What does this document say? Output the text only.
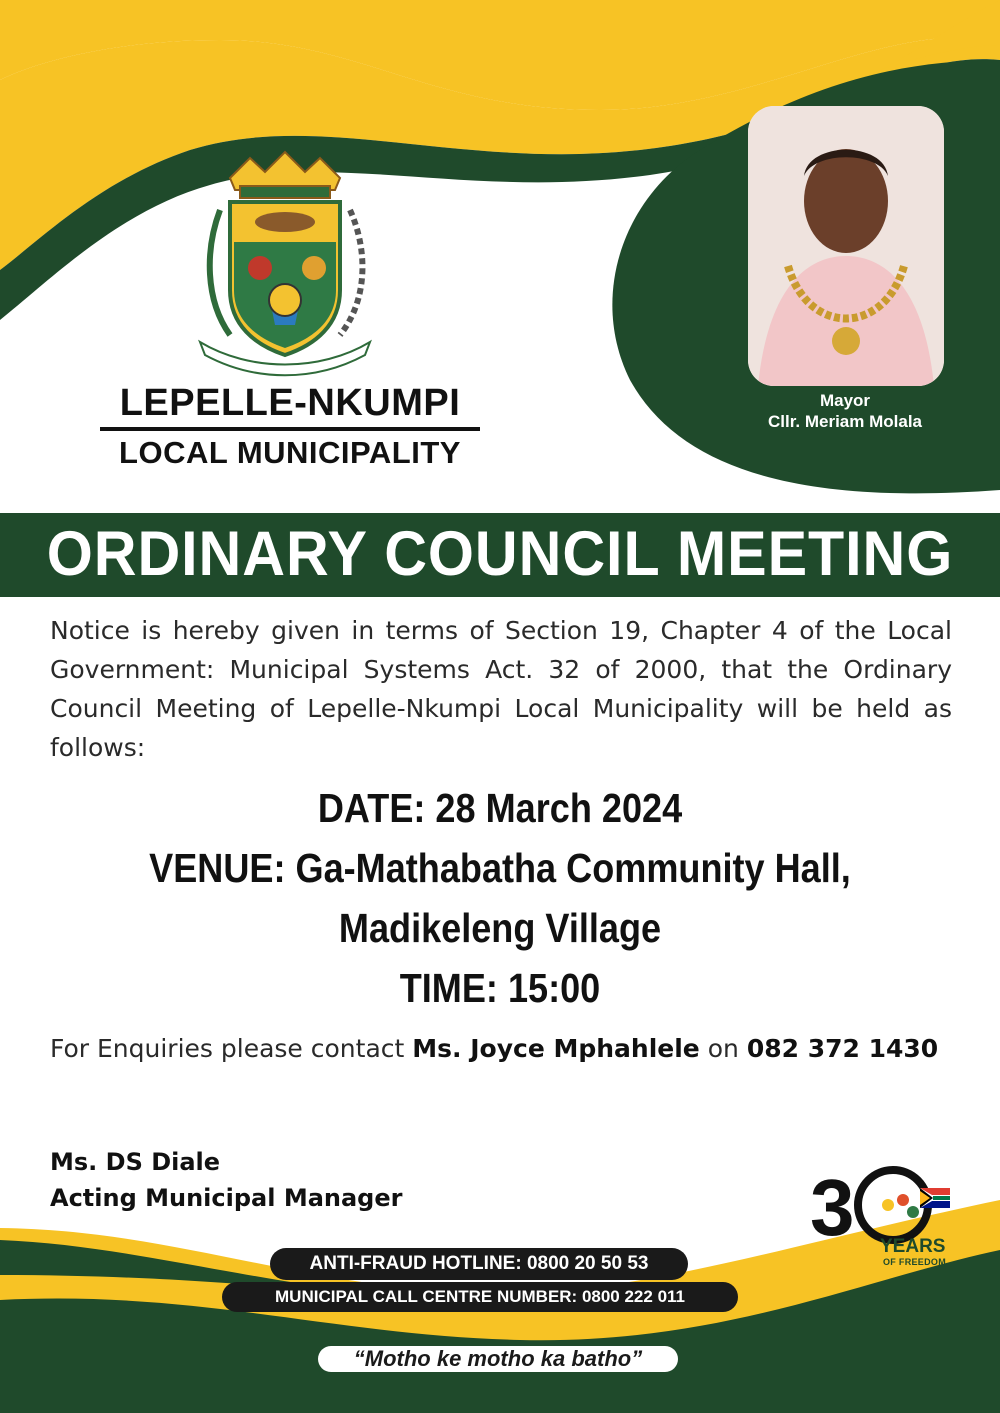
LEPELLE-NKUMPI
LOCAL MUNICIPALITY
Mayor
Cllr. Meriam Molala
ORDINARY COUNCIL MEETING
Notice is hereby given in terms of Section 19, Chapter 4 of the Local Government: Municipal Systems Act. 32 of 2000, that the Ordinary Council Meeting of Lepelle-Nkumpi Local Municipality will be held as follows:
DATE: 28 March 2024
VENUE: Ga-Mathabatha Community Hall,
Madikeleng Village
TIME: 15:00
For Enquiries please contact Ms. Joyce Mphahlele on 082 372 1430
Ms. DS Diale
Acting Municipal Manager	3 YEARS
OF FREEDOM
ANTI-FRAUD HOTLINE: 0800 20 50 53
MUNICIPAL CALL CENTRE NUMBER: 0800 222 011
“Motho ke motho ka batho”
